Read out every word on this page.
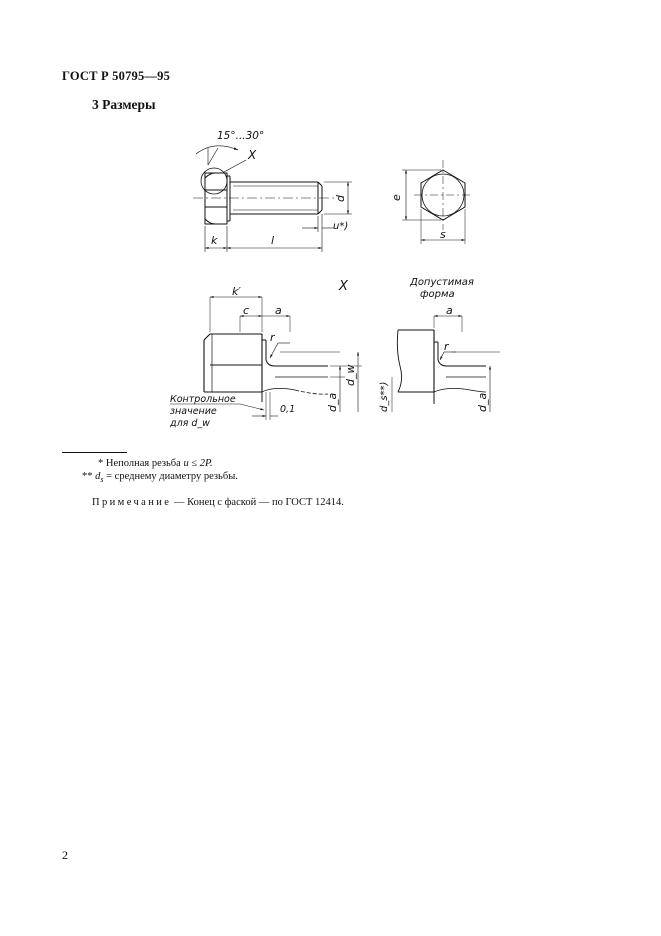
ГОСТ Р 50795—95
3 Размеры
15°...30°
X
k	l
u*)
d	e
s
X
k′
c a
r
0,1	d_a
d_w
Контрольное
значение
для d_w
Допустимая
форма
a
r
d_s**)	d_a
* Неполная резьба u ≤ 2P.
** $d_s$ = среднему диаметру резьбы.
Примечание — Конец с фаской — по ГОСТ 12414.
2
